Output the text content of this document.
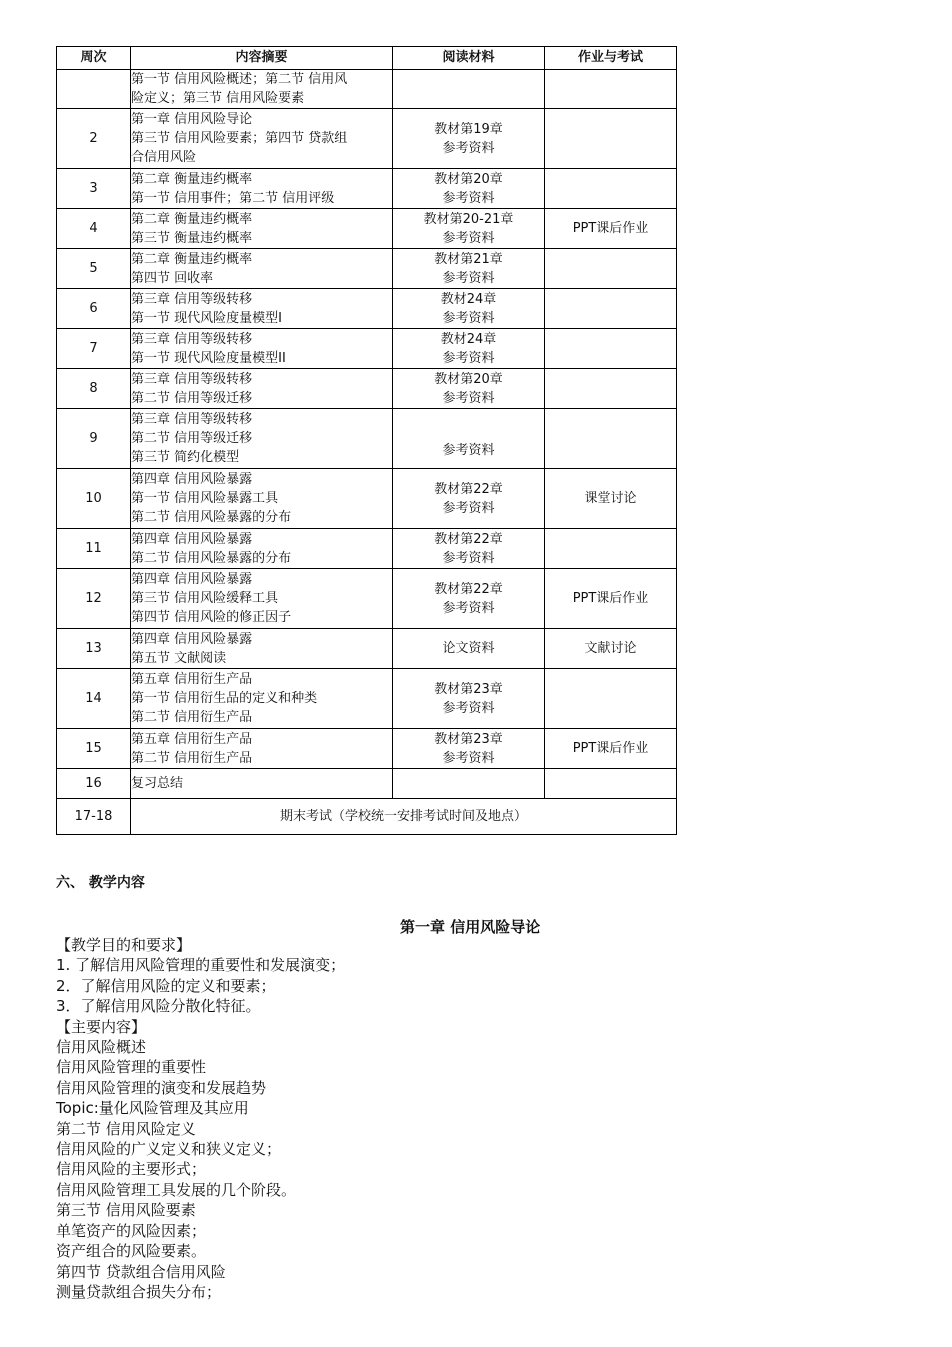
周次	内容摘要	阅读材料	作业与考试

	第一节 信用风险概述；第二节 信用风
险定义；第三节 信用风险要素		

2	第一章 信用风险导论
第三节 信用风险要素；第四节 贷款组
合信用风险	教材第19章
参考资料	

3	第二章 衡量违约概率
第一节 信用事件；第二节 信用评级	教材第20章
参考资料	

4	第二章 衡量违约概率
第三节 衡量违约概率	教材第20-21章
参考资料	PPT课后作业
5	第二章 衡量违约概率
第四节 回收率	教材第21章
参考资料	

6	第三章 信用等级转移
第一节 现代风险度量模型I	教材24章
参考资料	

7	第三章 信用等级转移
第一节 现代风险度量模型II	教材24章
参考资料	

8	第三章 信用等级转移
第二节 信用等级迁移	教材第20章
参考资料	

9	第三章 信用等级转移
第二节 信用等级迁移
第三节 简约化模型	参考资料	

10	第四章 信用风险暴露
第一节 信用风险暴露工具
第二节 信用风险暴露的分布	教材第22章
参考资料	课堂讨论
11	第四章 信用风险暴露
第二节 信用风险暴露的分布	教材第22章
参考资料	

12	第四章 信用风险暴露
第三节 信用风险缓释工具
第四节 信用风险的修正因子	教材第22章
参考资料	PPT课后作业
13	第四章 信用风险暴露
第五节 文献阅读	论文资料	文献讨论
14	第五章 信用衍生产品
第一节 信用衍生品的定义和种类
第二节 信用衍生产品	教材第23章
参考资料	

15	第五章 信用衍生产品
第二节 信用衍生产品	教材第23章
参考资料	PPT课后作业
16	复习总结		

17-18	期末考试（学校统一安排考试时间及地点）		
六、 教学内容
第一章 信用风险导论
【教学目的和要求】
1. 了解信用风险管理的重要性和发展演变；
2．了解信用风险的定义和要素；
3．了解信用风险分散化特征。
【主要内容】
信用风险概述
信用风险管理的重要性
信用风险管理的演变和发展趋势
Topic:量化风险管理及其应用
第二节 信用风险定义
信用风险的广义定义和狭义定义；
信用风险的主要形式；
信用风险管理工具发展的几个阶段。
第三节 信用风险要素
单笔资产的风险因素；
资产组合的风险要素。
第四节 贷款组合信用风险
测量贷款组合损失分布；
